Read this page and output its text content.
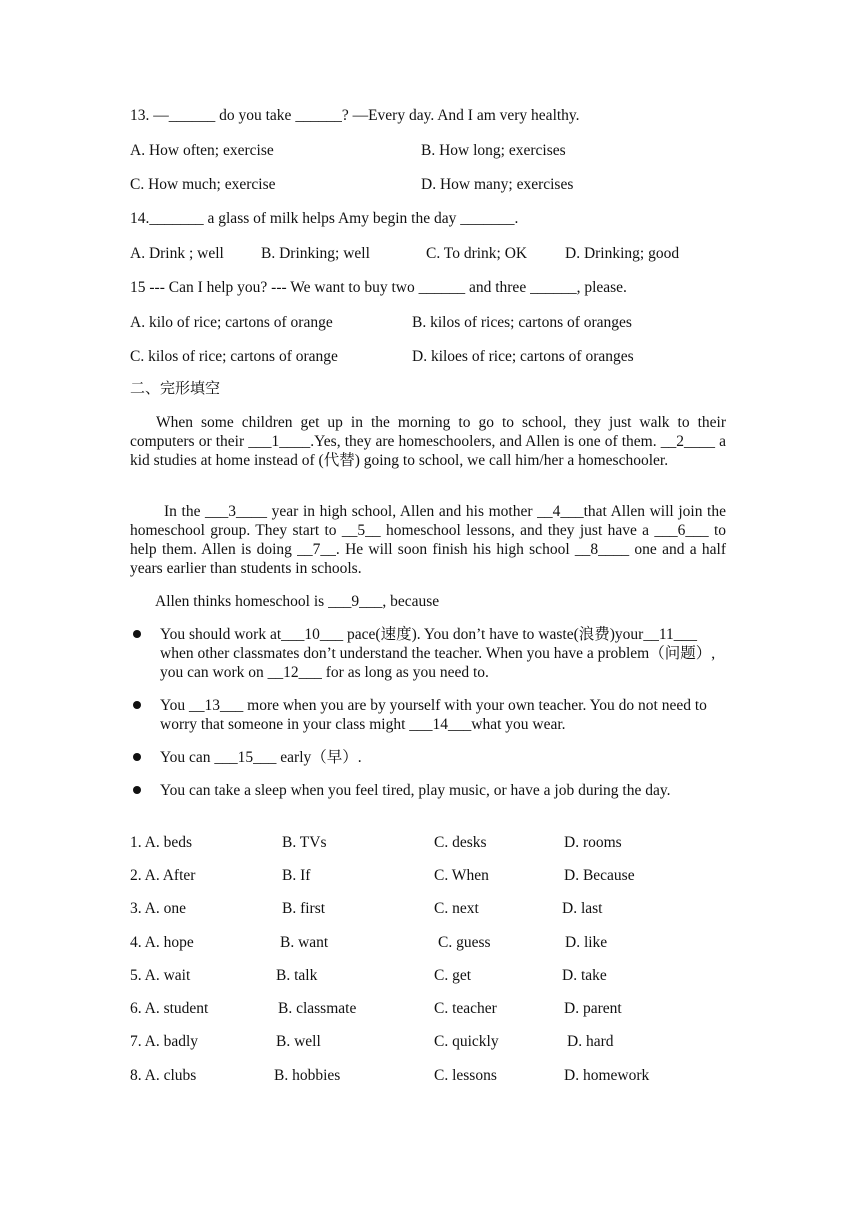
13. —______ do you take ______? —Every day. And I am very healthy.
A. How often; exercise	B. How long; exercises
C. How much; exercise	D. How many; exercises
14._______ a glass of milk helps Amy begin the day _______.
A. Drink ; well B. Drinking; well	C. To drink; OK D. Drinking; good
15 --- Can I help you? --- We want to buy two ______ and three ______, please.
A. kilo of rice; cartons of orange	B. kilos of rices; cartons of oranges
C. kilos of rice; cartons of orange	D. kiloes of rice; cartons of oranges
二、完形填空
When some children get up in the morning to go to school, they just walk to their computers or their ___1____.Yes, they are homeschoolers, and Allen is one of them. __2____ a kid studies at home instead of (代替) going to school, we call him/her a homeschooler.
In the ___3____ year in high school, Allen and his mother __4___that Allen will join the homeschool group. They start to __5__ homeschool lessons, and they just have a ___6___ to help them. Allen is doing __7__. He will soon finish his high school __8____ one and a half years earlier than students in schools.
Allen thinks homeschool is ___9___, because
You should work at___10___ pace(速度). You don’t have to waste(浪费)your__11___ when other classmates don’t understand the teacher. When you have a problem（问题）, you can work on __12___ for as long as you need to.
You __13___ more when you are by yourself with your own teacher. You do not need to worry that someone in your class might ___14___what you wear.
You can ___15___ early（早）.
You can take a sleep when you feel tired, play music, or have a job during the day.
1. A. beds	B. TVs	C. desks	D. rooms
2. A. After	B. If	C. When	D. Because
3. A. one	B. first	C. next	D. last
4. A. hope	B. want	C. guess	D. like
5. A. wait	B. talk	C. get	D. take
6. A. student	B. classmate	C. teacher	D. parent
7. A. badly	B. well	C. quickly	D. hard
8. A. clubs	B. hobbies	C. lessons	D. homework
